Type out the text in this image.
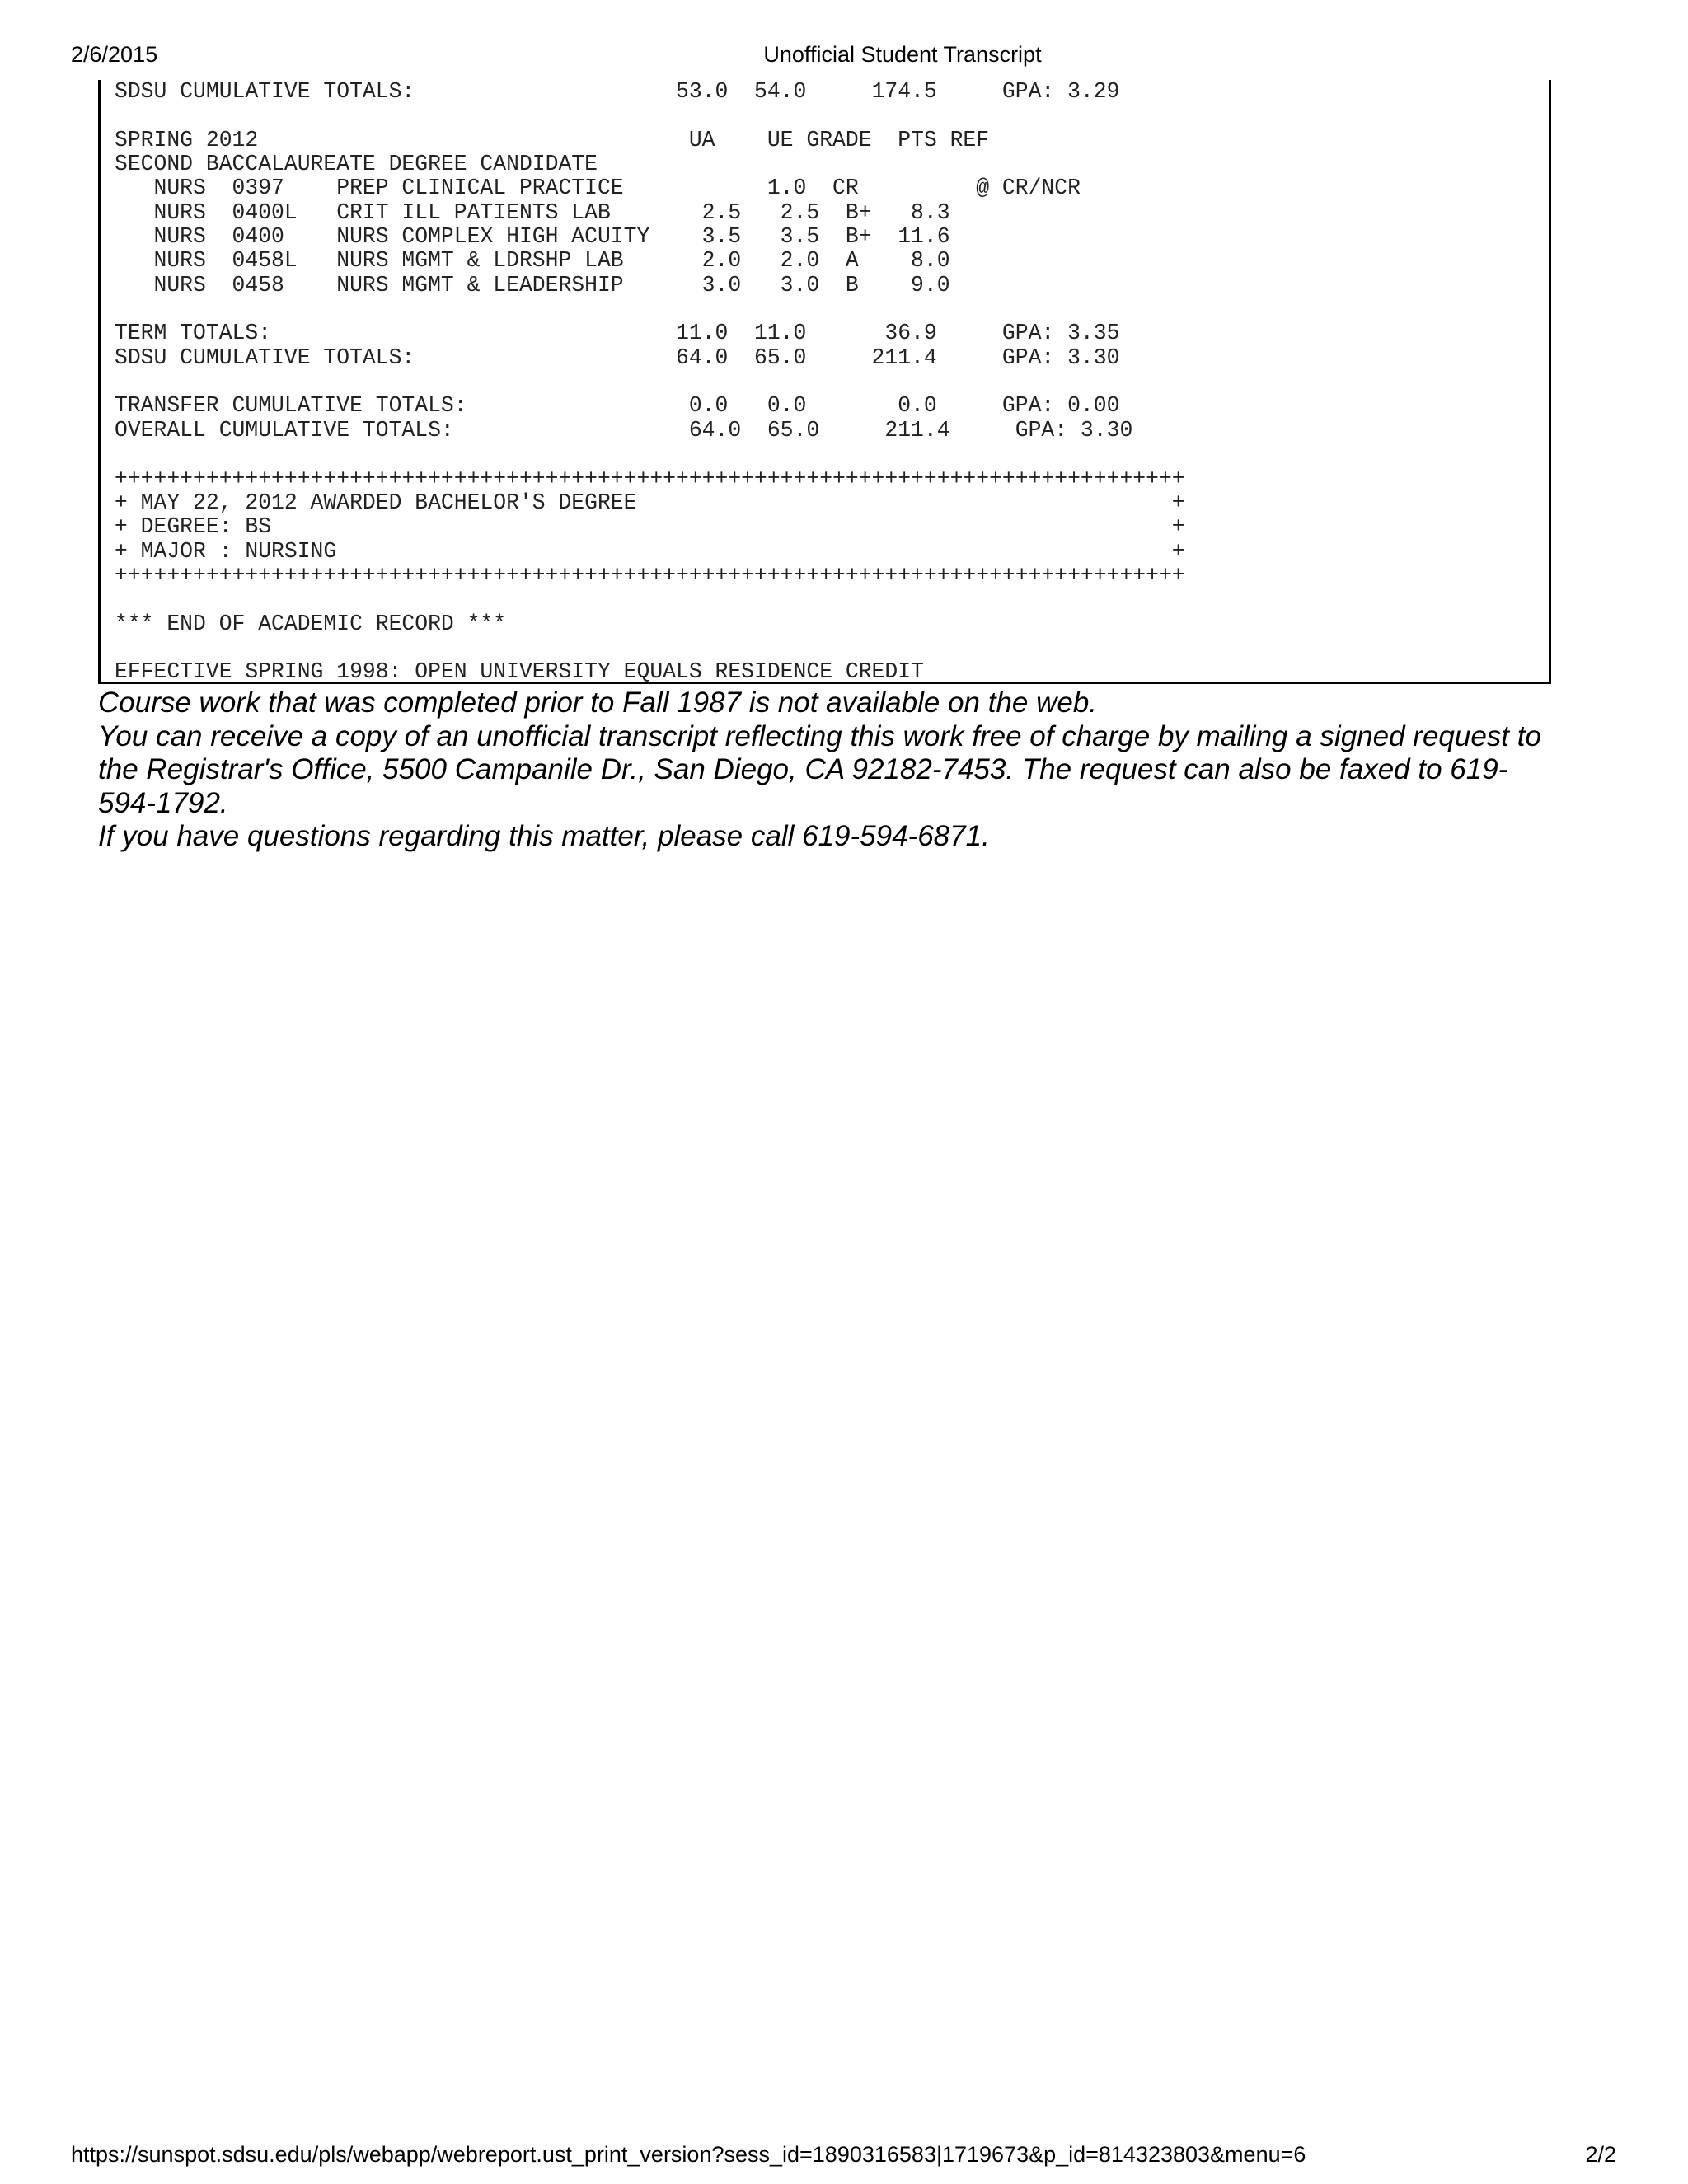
2/6/2015	Unofficial Student Transcript
SDSU CUMULATIVE TOTALS:                    53.0  54.0     174.5     GPA: 3.29

SPRING 2012                                 UA    UE GRADE  PTS REF
SECOND BACCALAUREATE DEGREE CANDIDATE
NURS  0397    PREP CLINICAL PRACTICE           1.0  CR         @ CR/NCR
NURS  0400L   CRIT ILL PATIENTS LAB       2.5   2.5  B+   8.3
NURS  0400    NURS COMPLEX HIGH ACUITY    3.5   3.5  B+  11.6
NURS  0458L   NURS MGMT & LDRSHP LAB      2.0   2.0  A    8.0
NURS  0458    NURS MGMT & LEADERSHIP      3.0   3.0  B    9.0

TERM TOTALS:                               11.0  11.0      36.9     GPA: 3.35
SDSU CUMULATIVE TOTALS:                    64.0  65.0     211.4     GPA: 3.30

TRANSFER CUMULATIVE TOTALS:                 0.0   0.0       0.0     GPA: 0.00
OVERALL CUMULATIVE TOTALS:                  64.0  65.0     211.4     GPA: 3.30

++++++++++++++++++++++++++++++++++++++++++++++++++++++++++++++++++++++++++++++++++
+ MAY 22, 2012 AWARDED BACHELOR'S DEGREE                                         +
+ DEGREE: BS                                                                     +
+ MAJOR : NURSING                                                                +
++++++++++++++++++++++++++++++++++++++++++++++++++++++++++++++++++++++++++++++++++

*** END OF ACADEMIC RECORD ***

EFFECTIVE SPRING 1998: OPEN UNIVERSITY EQUALS RESIDENCE CREDIT

Course work that was completed prior to Fall 1987 is not available on the web.

You can receive a copy of an unofficial transcript reflecting this work free of charge by mailing a signed request to the Registrar's Office, 5500 Campanile Dr., San Diego, CA 92182-7453. The request can also be faxed to 619-594-1792.

If you have questions regarding this matter, please call 619-594-6871.

https://sunspot.sdsu.edu/pls/webapp/webreport.ust_print_version?sess_id=1890316583|1719673&p_id=814323803&menu=6	2/2
